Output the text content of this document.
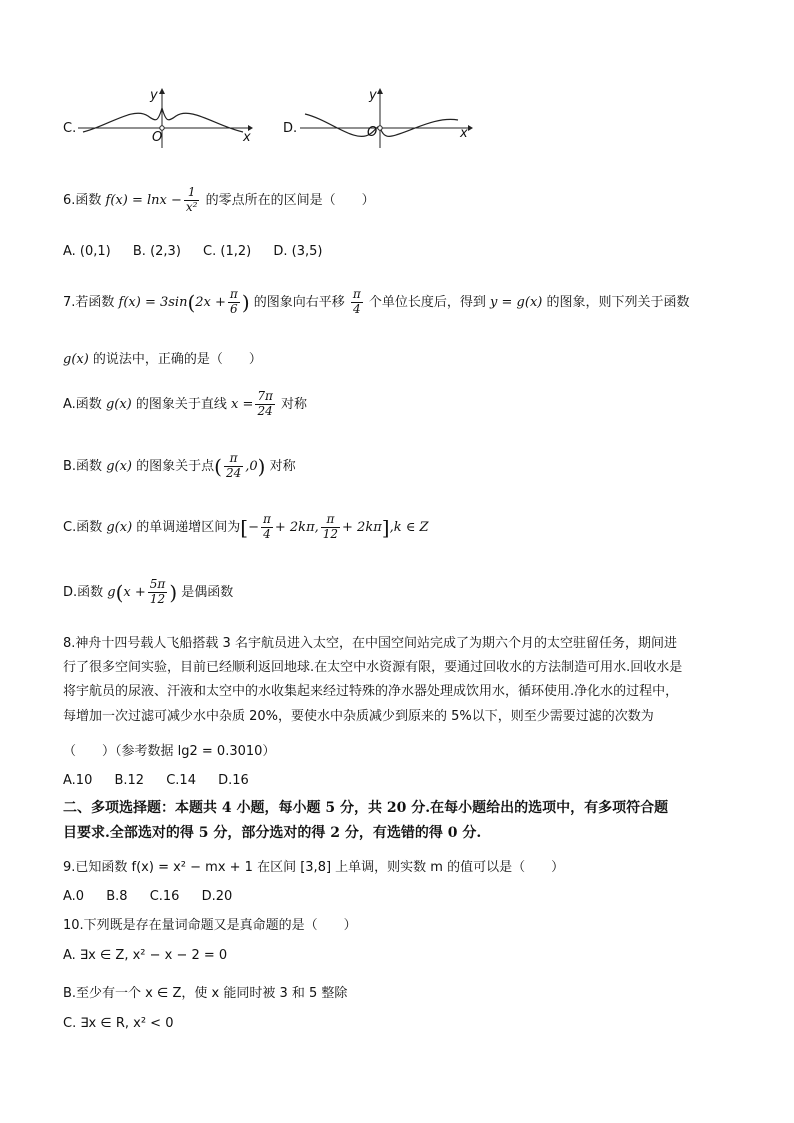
C.
y
x
O
D.
y
x
O
6.函数 $f(x) = \ln x - \frac{1}{\text{x²}}$ 的零点所在的区间是（　　）
A. (0,1) B. (2,3) C. (1,2) D. (3,5)
7.若函数 $f(x) = 3\sin(2x + \frac{\pi}{6}$ ) 的图象向右平移 $\frac{\pi}{4}$ 个单位长度后，得到 y = g(x) 的图象，则下列关于函数
g(x) 的说法中，正确的是（　　）
A.函数 g(x) 的图象关于直线 $x = \frac{7\pi}{24}$ 对称
B.函数 g(x) 的图象关于点( $\frac{\pi}{24} ,0$) 对称
C.函数 g(x) 的单调递增区间为[− $\frac{\pi}{4} + 2k\pi$, $\frac{\pi}{12} + 2k\pi],k$ ∈ Z
D.函数 $g(x + \frac{5\pi}{12}$ ) 是偶函数
8.神舟十四号载人飞船搭载 3 名宇航员进入太空，在中国空间站完成了为期六个月的太空驻留任务，期间进
行了很多空间实验，目前已经顺利返回地球.在太空中水资源有限，要通过回收水的方法制造可用水.回收水是
将宇航员的尿液、汗液和太空中的水收集起来经过特殊的净水器处理成饮用水，循环使用.净化水的过程中，
每增加一次过滤可减少水中杂质 20%，要使水中杂质减少到原来的 5%以下，则至少需要过滤的次数为
（　　）（参考数据 lg2 = 0.3010）
A.10 B.12 C.14 D.16
二、多项选择题：本题共 4 小题，每小题 5 分，共 20 分.在每小题给出的选项中，有多项符合题
目要求.全部选对的得 5 分，部分选对的得 2 分，有选错的得 0 分.
9.已知函数 f(x) = x² − mx + 1 在区间 [3,8] 上单调，则实数 m 的值可以是（　　）
A.0 B.8 C.16 D.20
10.下列既是存在量词命题又是真命题的是（　　）
A. ∃x ∈ Z, x² − x − 2 = 0
B.至少有一个 x ∈ Z，使 x 能同时被 3 和 5 整除
C. ∃x ∈ R, x² < 0
